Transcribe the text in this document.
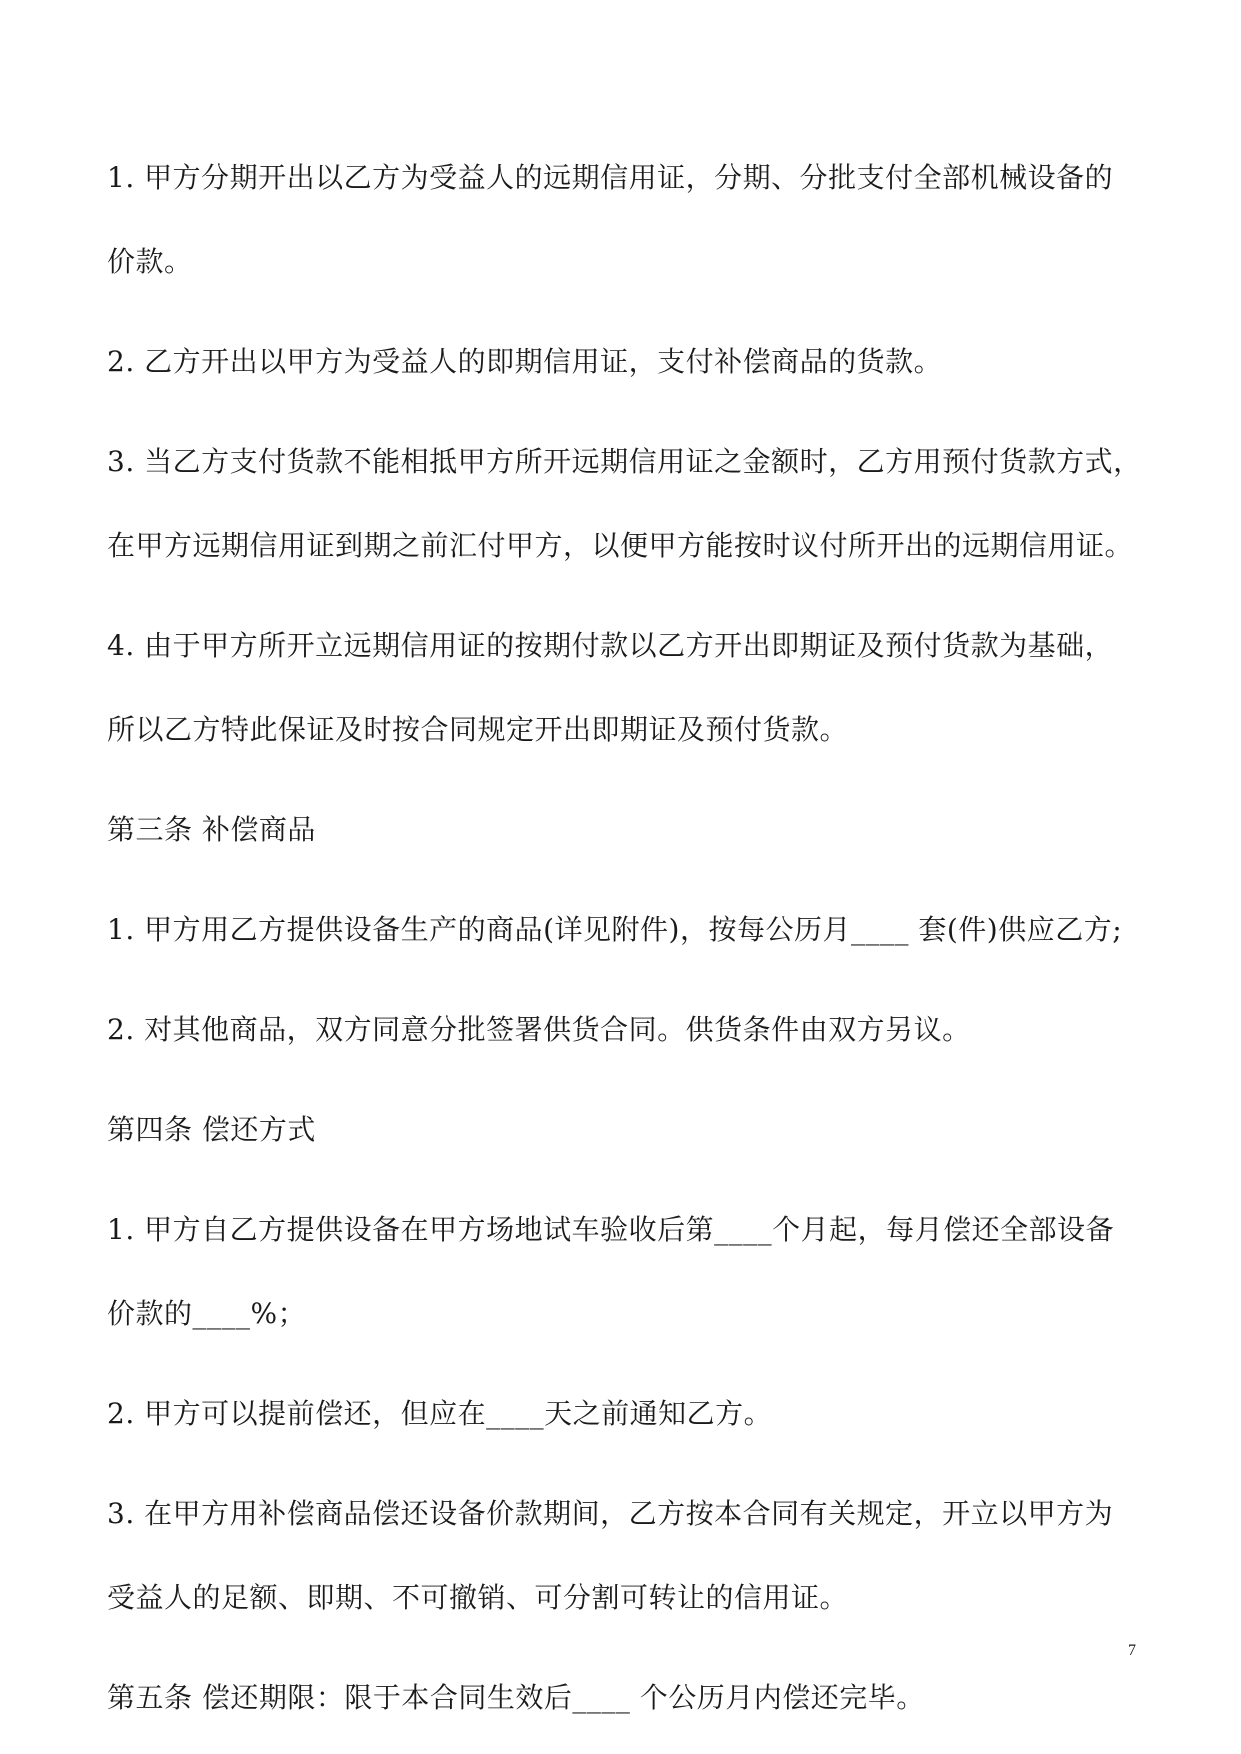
1. 甲方分期开出以乙方为受益人的远期信用证，分期、分批支付全部机械设备的
价款。
2. 乙方开出以甲方为受益人的即期信用证，支付补偿商品的货款。
3. 当乙方支付货款不能相抵甲方所开远期信用证之金额时，乙方用预付货款方式，
在甲方远期信用证到期之前汇付甲方，以便甲方能按时议付所开出的远期信用证。
4. 由于甲方所开立远期信用证的按期付款以乙方开出即期证及预付货款为基础，
所以乙方特此保证及时按合同规定开出即期证及预付货款。
第三条 补偿商品
1. 甲方用乙方提供设备生产的商品(详见附件)，按每公历月____ 套(件)供应乙方;
2. 对其他商品，双方同意分批签署供货合同。供货条件由双方另议。
第四条 偿还方式
1. 甲方自乙方提供设备在甲方场地试车验收后第____个月起，每月偿还全部设备
价款的____%；
2. 甲方可以提前偿还，但应在____天之前通知乙方。
3. 在甲方用补偿商品偿还设备价款期间，乙方按本合同有关规定，开立以甲方为
受益人的足额、即期、不可撤销、可分割可转让的信用证。
第五条 偿还期限：限于本合同生效后____ 个公历月内偿还完毕。
7
